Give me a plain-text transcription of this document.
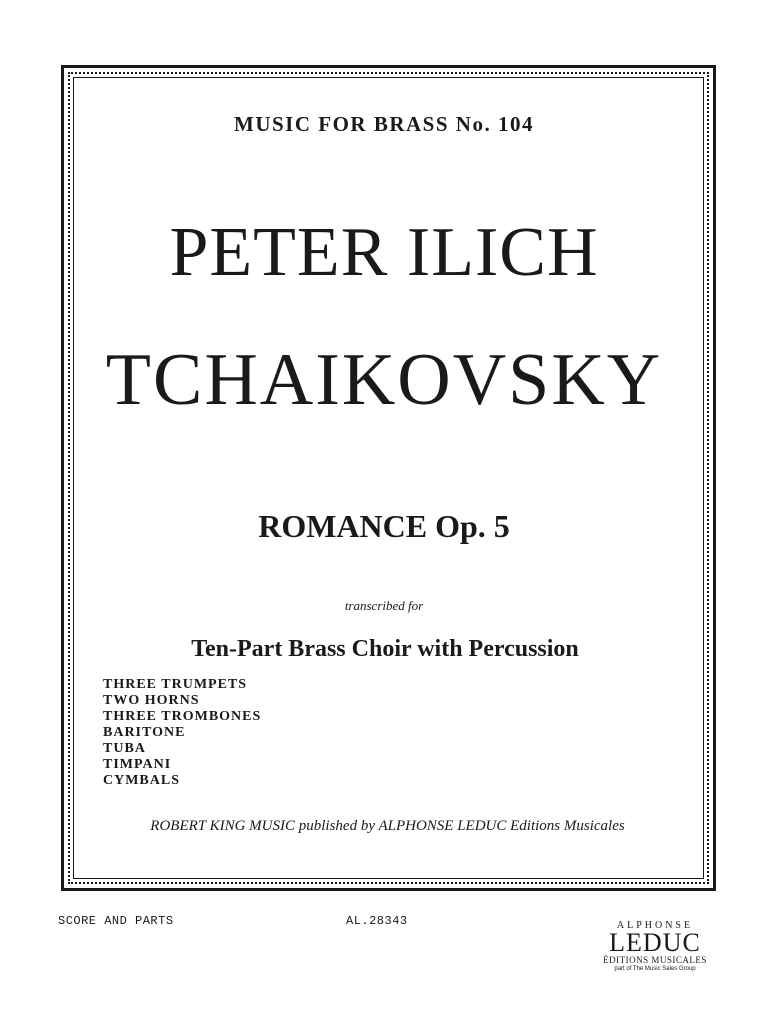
MUSIC FOR BRASS No. 104
PETER ILICH
TCHAIKOVSKY
ROMANCE Op. 5
transcribed for
Ten-Part Brass Choir with Percussion
THREE TRUMPETS
TWO HORNS
THREE TROMBONES
BARITONE
TUBA
TIMPANI
CYMBALS
ROBERT KING MUSIC published by ALPHONSE LEDUC Editions Musicales
SCORE AND PARTS	AL.28343	ALPHONSE
LEDUC
ÉDITIONS MUSICALES
part of The Music Sales Group
